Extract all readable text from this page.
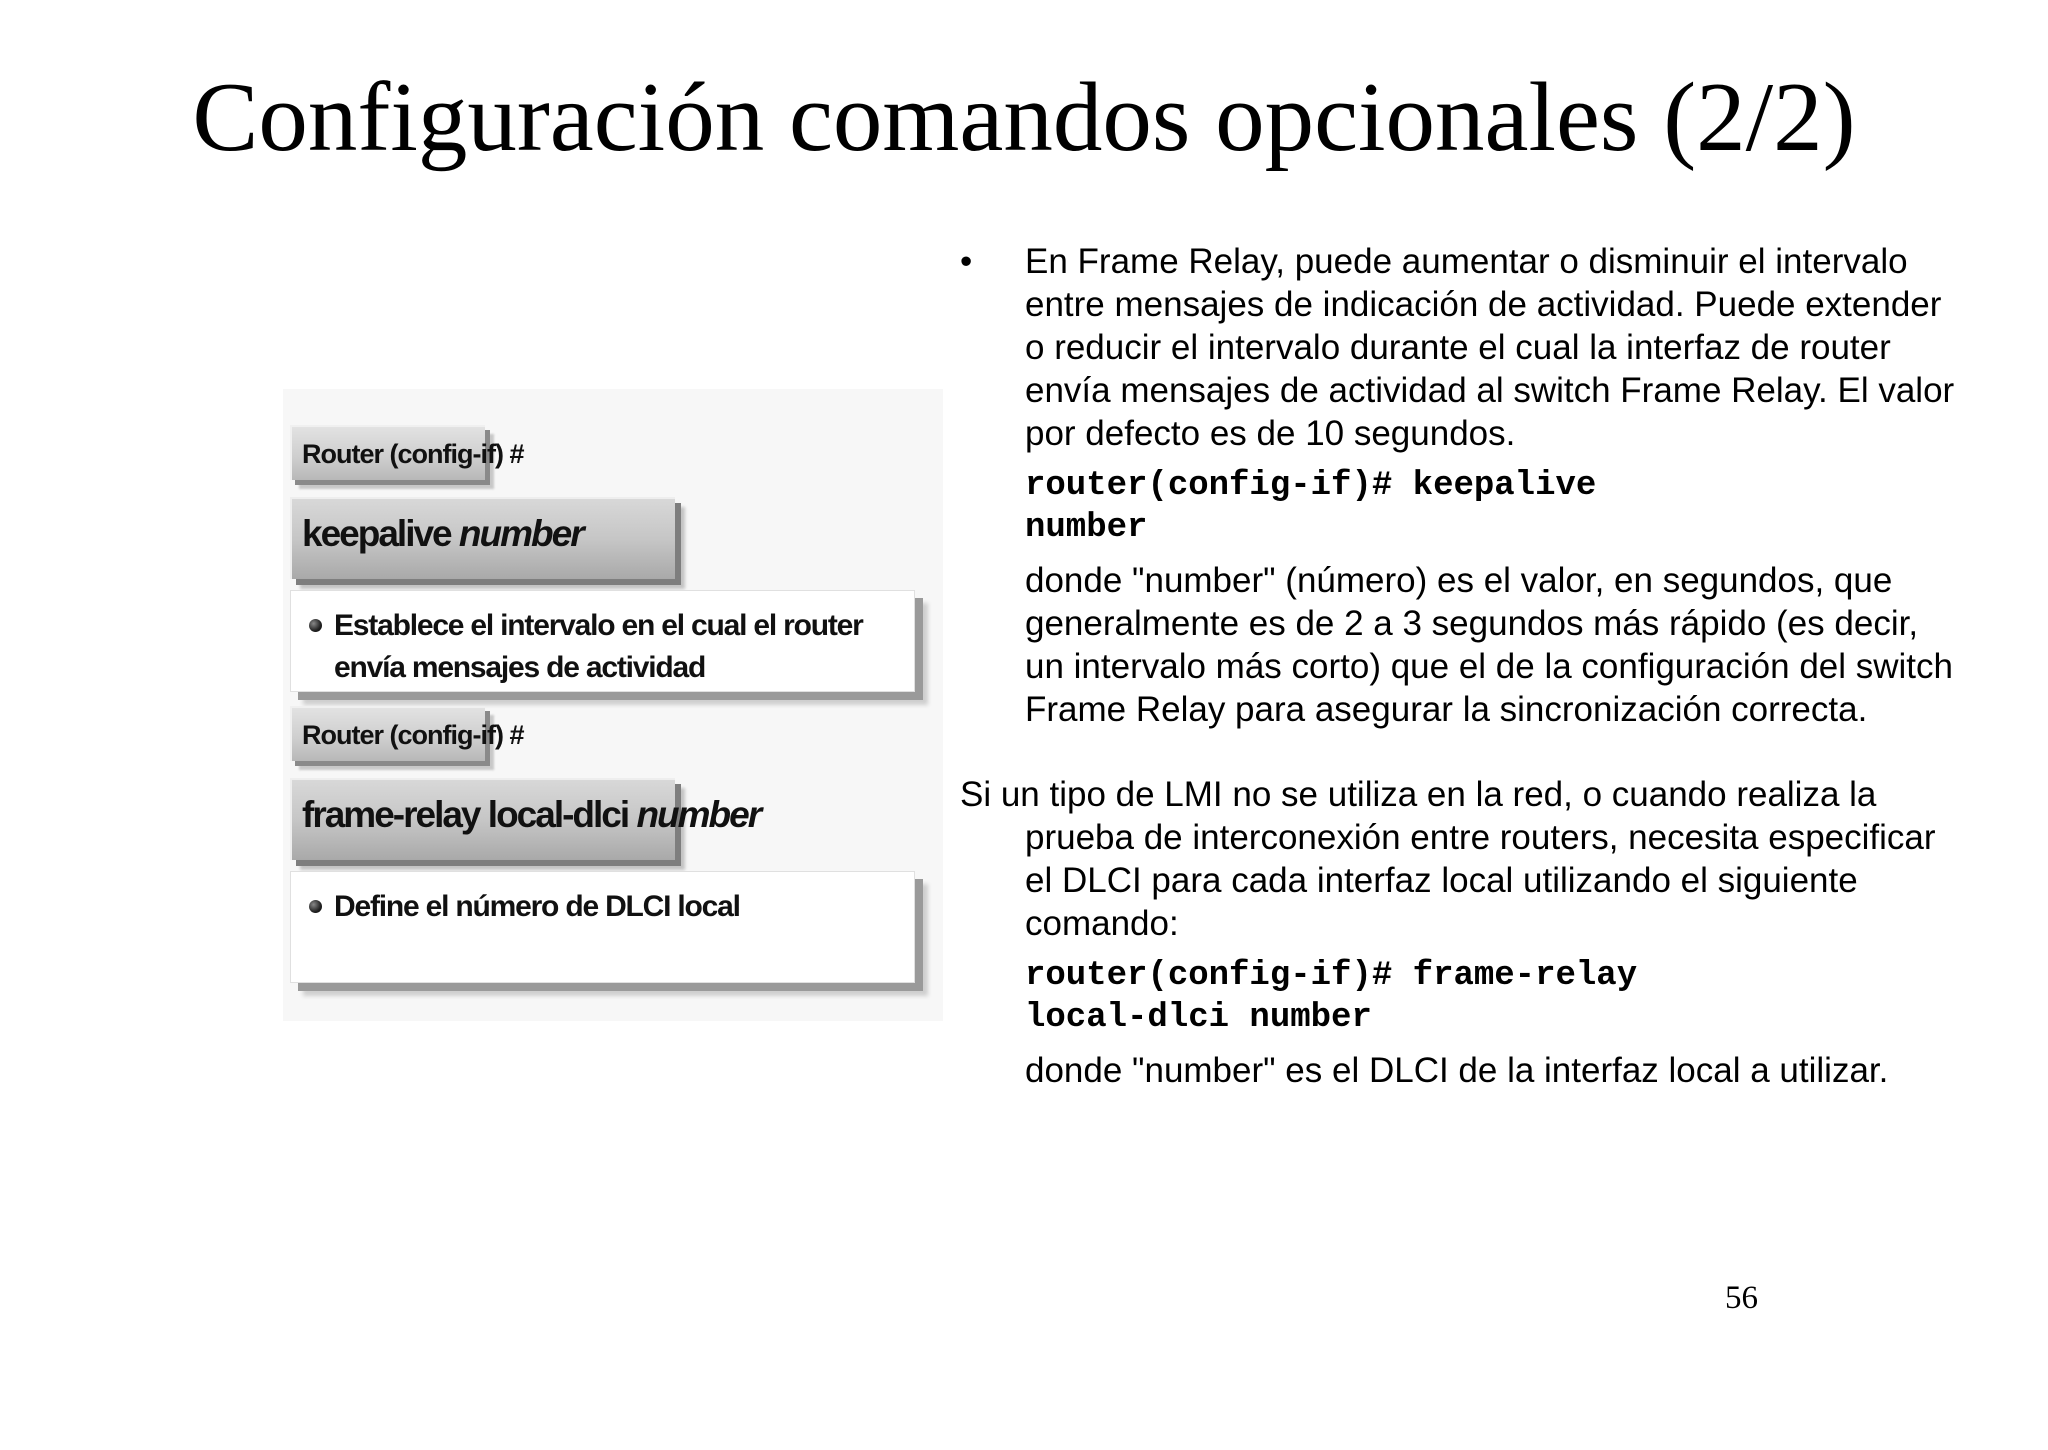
Configuración comandos opcionales (2/2)
Router (config-if) #
keepalive number
Establece el intervalo en el cual el router envía mensajes de actividad
Router (config-if) #
frame-relay local-dlci number
Define el número de DLCI local
• En Frame Relay, puede aumentar o disminuir el intervalo entre mensajes de indicación de actividad. Puede extender o reducir el intervalo durante el cual la interfaz de router envía mensajes de actividad al switch Frame Relay. El valor por defecto es de 10 segundos.
router(config-if)# keepalive
number
donde "number" (número) es el valor, en segundos, que generalmente es de 2 a 3 segundos más rápido (es decir, un intervalo más corto) que el de la configuración del switch Frame Relay para asegurar la sincronización correcta.
Si un tipo de LMI no se utiliza en la red, o cuando realiza la prueba de interconexión entre routers, necesita especificar el DLCI para cada interfaz local utilizando el siguiente comando:
router(config-if)# frame-relay
local-dlci number
donde "number" es el DLCI de la interfaz local a utilizar.
56
